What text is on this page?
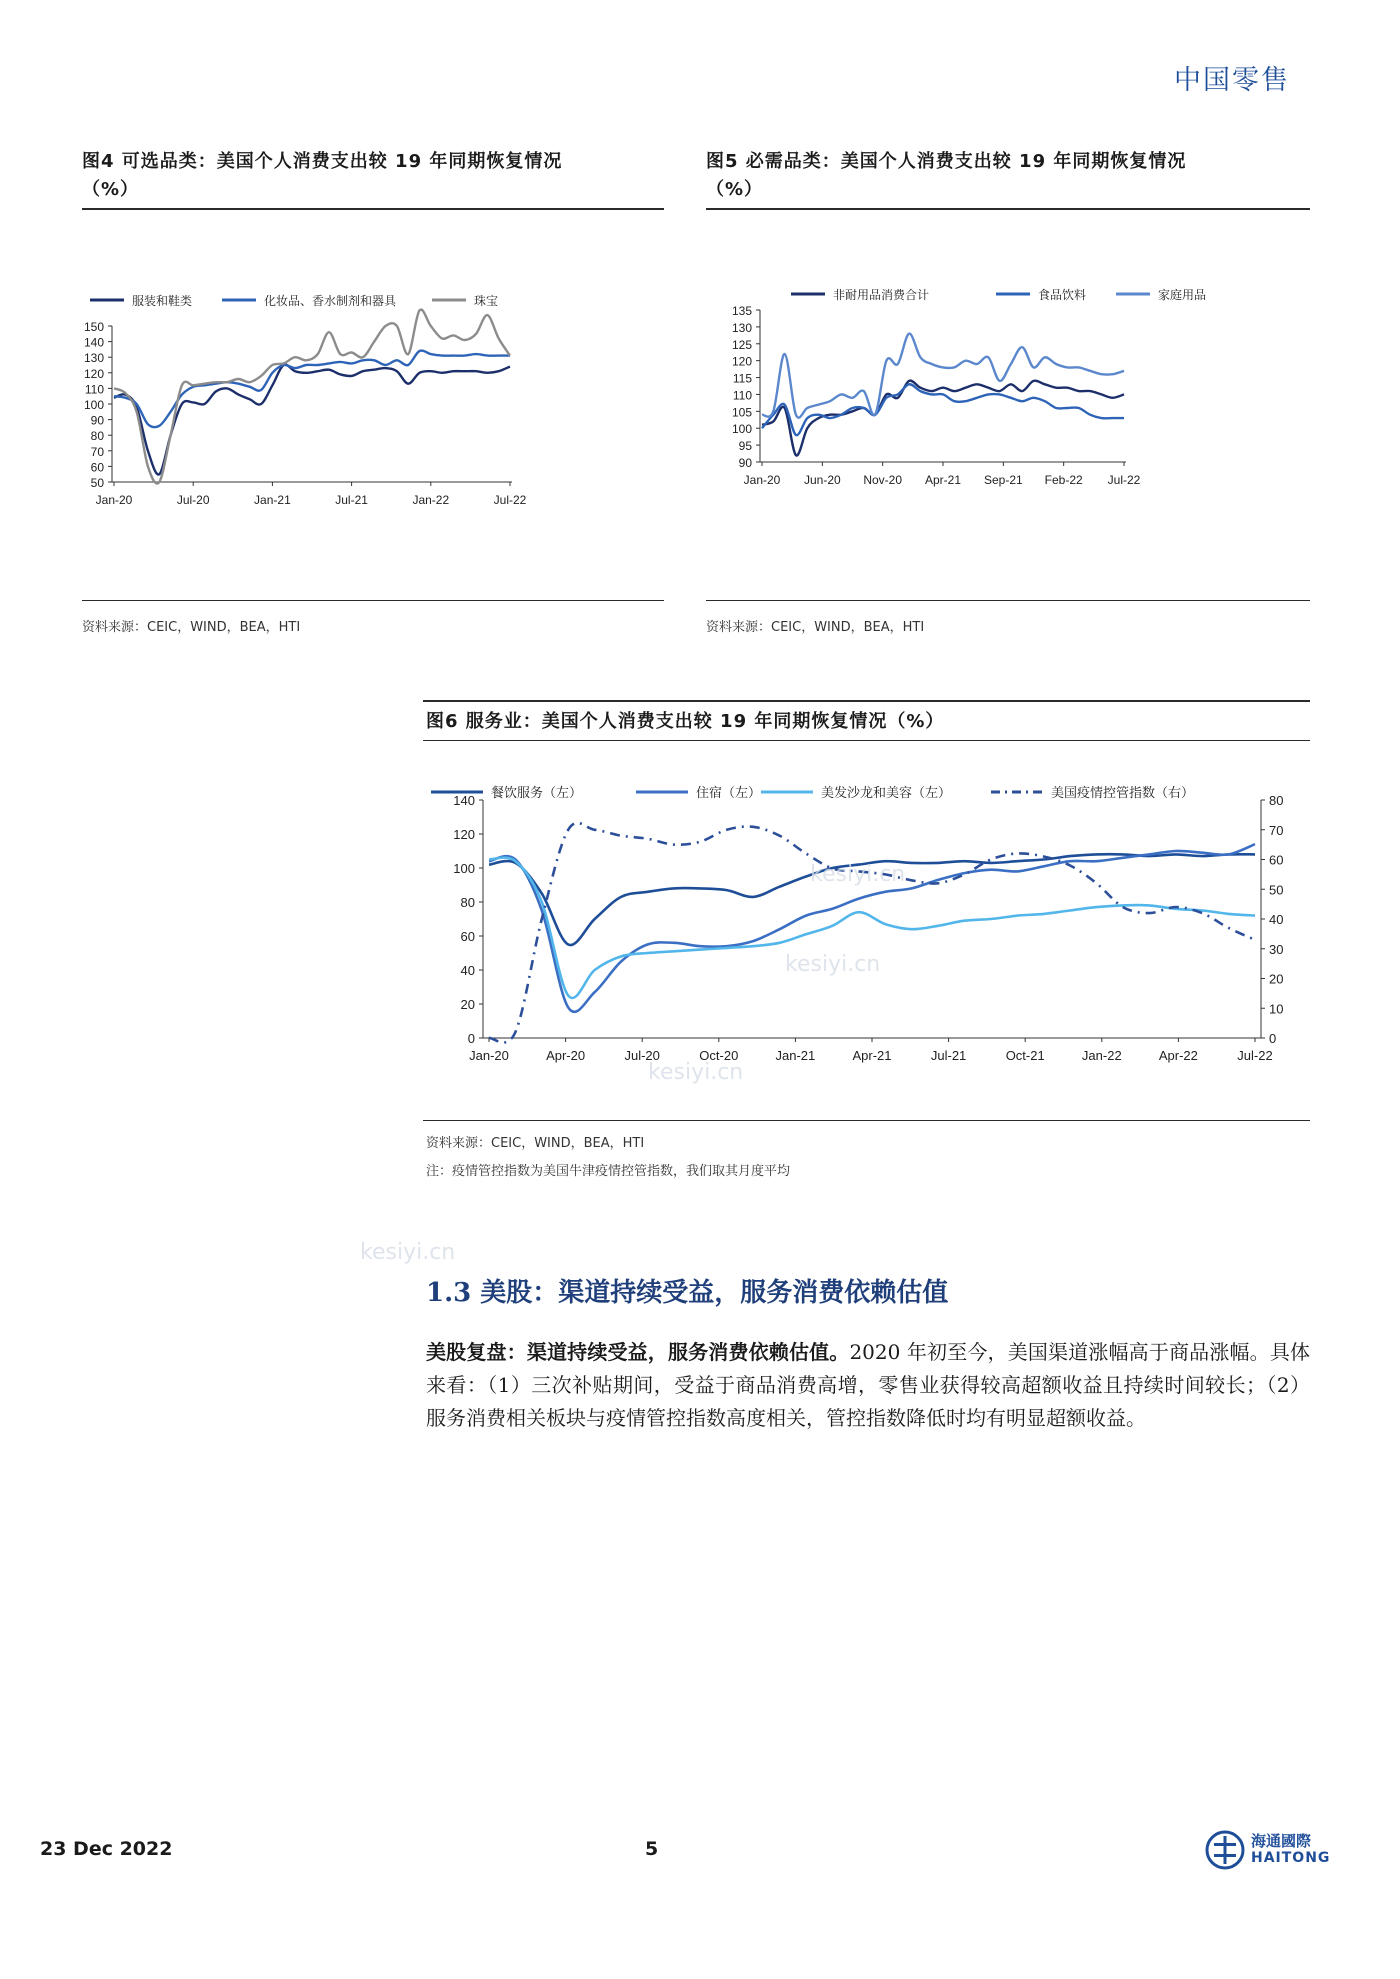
中国零售
图4 可选品类：美国个人消费支出较 19 年同期恢复情况
（%）
服装和鞋类	化妆品、香水制剂和器具	珠宝
150
140
130
120
110
100
90
80
70
60
50
Jan-20	Jul-20	Jan-21	Jul-21	Jan-22	Jul-22
资料来源：CEIC，WIND，BEA，HTI
图5 必需品类：美国个人消费支出较 19 年同期恢复情况
（%）
非耐用品消费合计	食品饮料	家庭用品
135
130
125
120
115
110
105
100
95
90
Jan-20 Jun-20 Nov-20 Apr-21 Sep-21 Feb-22 Jul-22
资料来源：CEIC，WIND，BEA，HTI
图6 服务业：美国个人消费支出较 19 年同期恢复情况（%）
餐饮服务（左）	住宿（左）	美发沙龙和美容（左）	美国疫情控管指数（右）
140
120
100
80
60
40
20
0
80
70
60
50
40
30
20
10
0
Jan-20	Apr-20	Jul-20	Oct-20	Jan-21	Apr-21	Jul-21	Oct-21	Jan-22	Apr-22	Jul-22
资料来源：CEIC，WIND，BEA，HTI
注：疫情管控指数为美国牛津疫情控管指数，我们取其月度平均
kesiyi.cn
kesiyi.cn
kesiyi.cn
kesiyi.cn
1.3 美股：渠道持续受益，服务消费依赖估值
美股复盘：渠道持续受益，服务消费依赖估值。2020 年初至今，美国渠道涨幅高于商品涨幅。具体来看：（1）三次补贴期间，受益于商品消费高增，零售业获得较高超额收益且持续时间较长；（2）服务消费相关板块与疫情管控指数高度相关，管控指数降低时均有明显超额收益。
23 Dec 2022	5	海通國際
HAITONG
